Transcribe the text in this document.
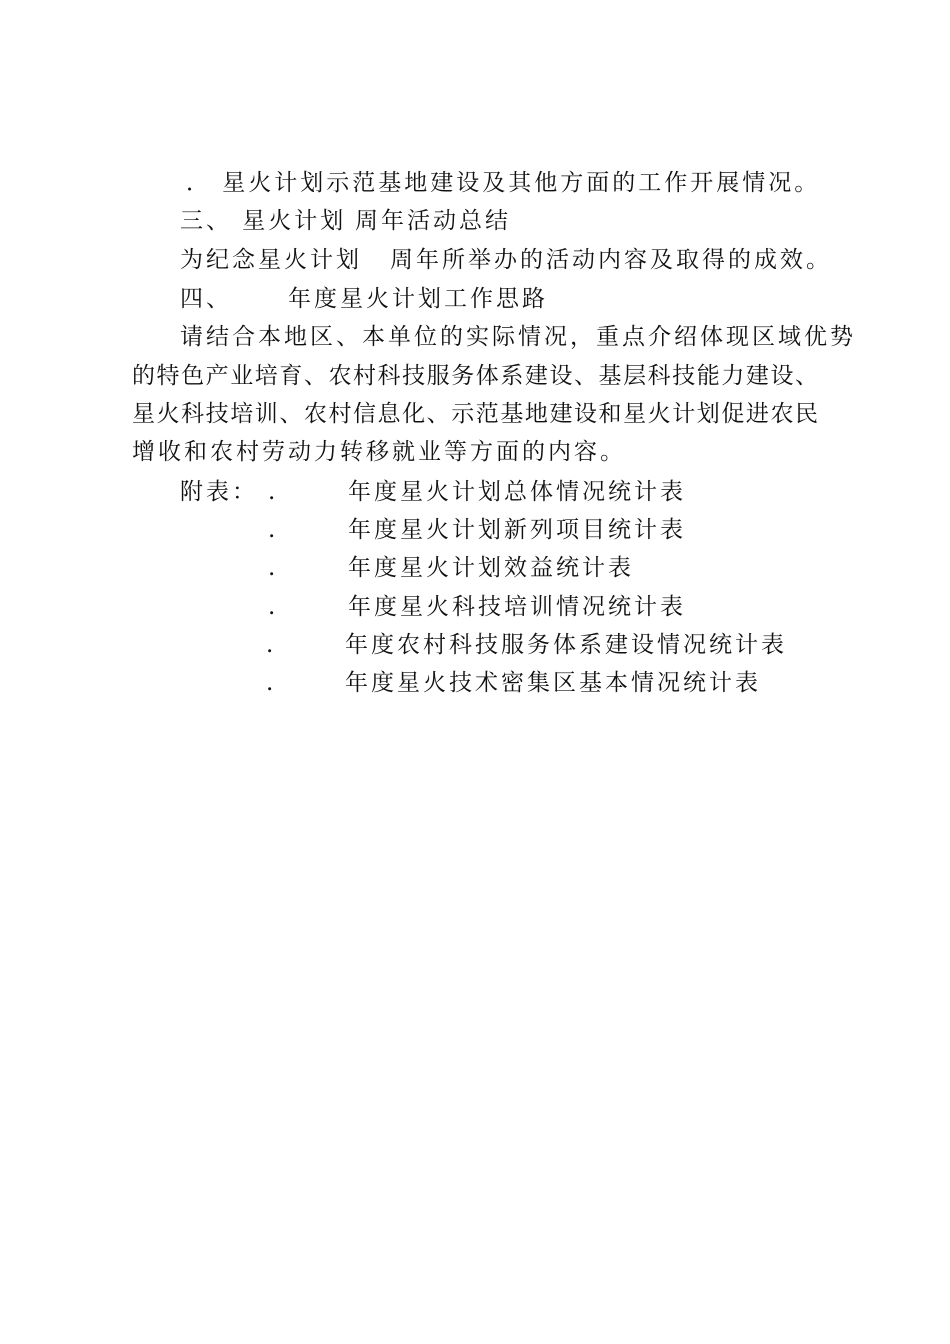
． 星火计划示范基地建设及其他方面的工作开展情况。
三、 星火计划 周年活动总结
为纪念星火计划 周年所举办的活动内容及取得的成效。
四、 年度星火计划工作思路
请结合本地区、本单位的实际情况，重点介绍体现区域优势
的特色产业培育、农村科技服务体系建设、基层科技能力建设、
星火科技培训、农村信息化、示范基地建设和星火计划促进农民
增收和农村劳动力转移就业等方面的内容。
附表： .	年度星火计划总体情况统计表
.	年度星火计划新列项目统计表
.	年度星火计划效益统计表
.	年度星火科技培训情况统计表
.	年度农村科技服务体系建设情况统计表
.	年度星火技术密集区基本情况统计表
